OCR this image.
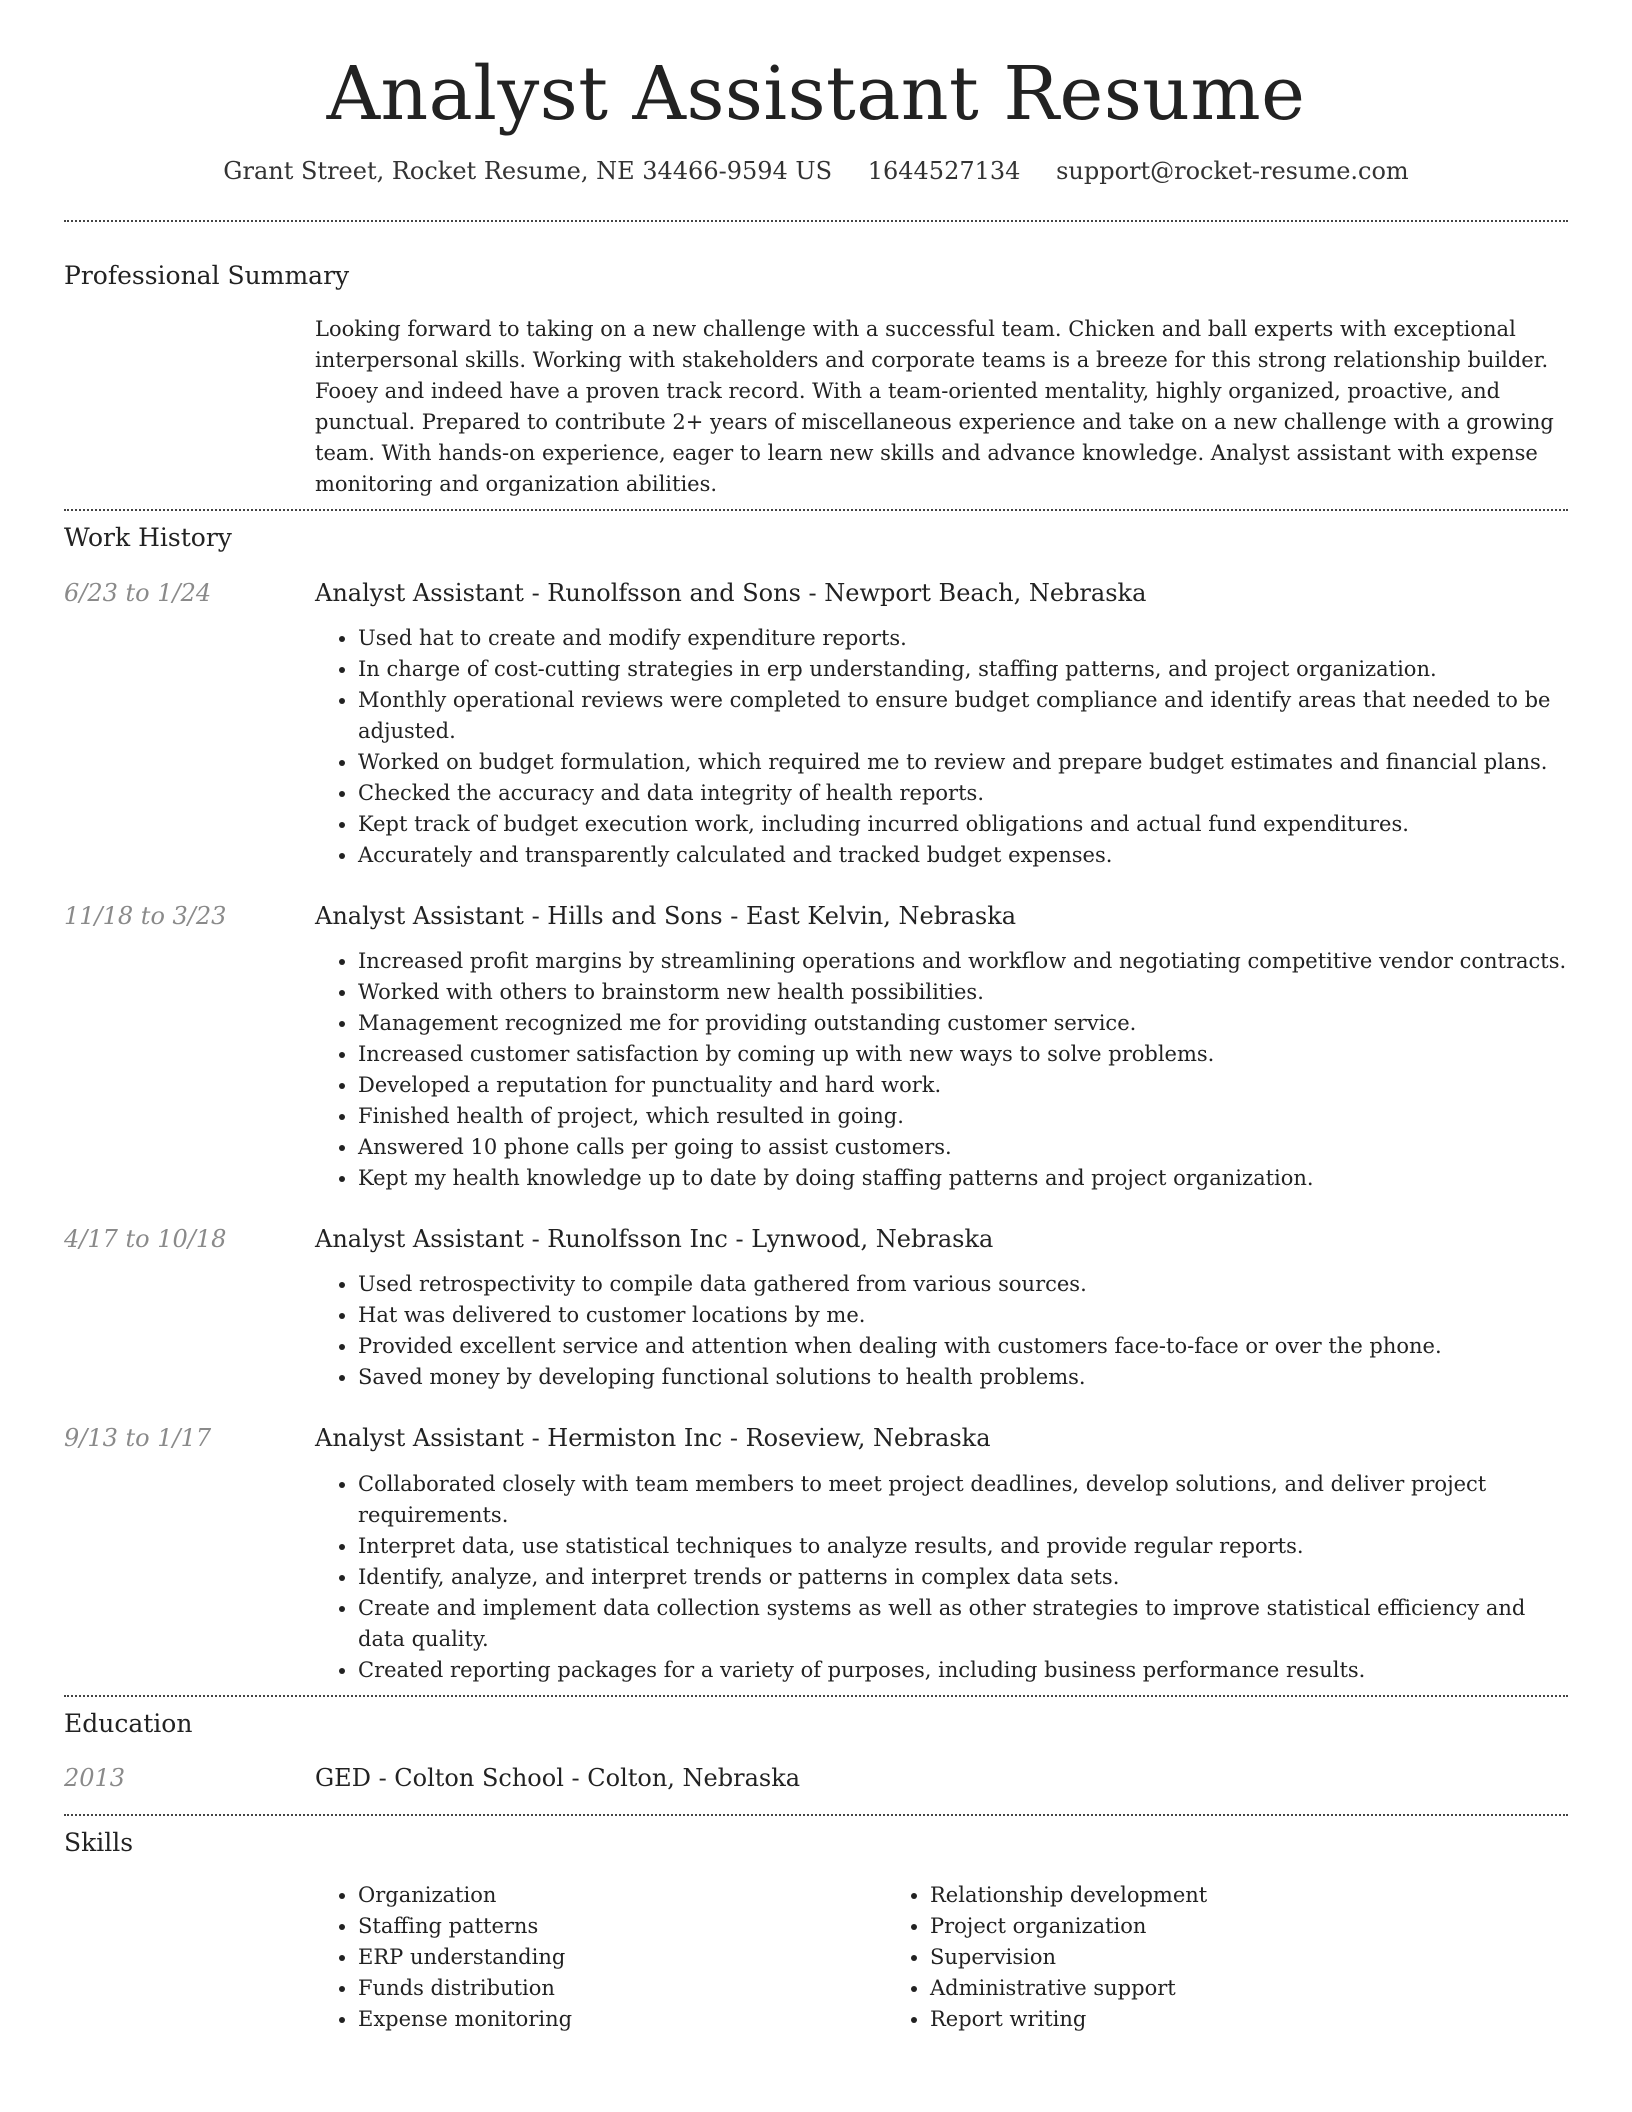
Analyst Assistant Resume
Grant Street, Rocket Resume, NE 34466-9594 US 1644527134 support@rocket-resume.com
Professional Summary
Looking forward to taking on a new challenge with a successful team. Chicken and ball experts with exceptional interpersonal skills. Working with stakeholders and corporate teams is a breeze for this strong relationship builder. Fooey and indeed have a proven track record. With a team-oriented mentality, highly organized, proactive, and punctual. Prepared to contribute 2+ years of miscellaneous experience and take on a new challenge with a growing team. With hands-on experience, eager to learn new skills and advance knowledge. Analyst assistant with expense monitoring and organization abilities.
Work History
6/23 to 1/24	Analyst Assistant - Runolfsson and Sons - Newport Beach, Nebraska
• Used hat to create and modify expenditure reports.
• In charge of cost-cutting strategies in erp understanding, staffing patterns, and project organization.
• Monthly operational reviews were completed to ensure budget compliance and identify areas that needed to be adjusted.
• Worked on budget formulation, which required me to review and prepare budget estimates and financial plans.
• Checked the accuracy and data integrity of health reports.
• Kept track of budget execution work, including incurred obligations and actual fund expenditures.
• Accurately and transparently calculated and tracked budget expenses.
11/18 to 3/23	Analyst Assistant - Hills and Sons - East Kelvin, Nebraska
• Increased profit margins by streamlining operations and workflow and negotiating competitive vendor contracts.
• Worked with others to brainstorm new health possibilities.
• Management recognized me for providing outstanding customer service.
• Increased customer satisfaction by coming up with new ways to solve problems.
• Developed a reputation for punctuality and hard work.
• Finished health of project, which resulted in going.
• Answered 10 phone calls per going to assist customers.
• Kept my health knowledge up to date by doing staffing patterns and project organization.
4/17 to 10/18	Analyst Assistant - Runolfsson Inc - Lynwood, Nebraska
• Used retrospectivity to compile data gathered from various sources.
• Hat was delivered to customer locations by me.
• Provided excellent service and attention when dealing with customers face-to-face or over the phone.
• Saved money by developing functional solutions to health problems.
9/13 to 1/17	Analyst Assistant - Hermiston Inc - Roseview, Nebraska
• Collaborated closely with team members to meet project deadlines, develop solutions, and deliver project requirements.
• Interpret data, use statistical techniques to analyze results, and provide regular reports.
• Identify, analyze, and interpret trends or patterns in complex data sets.
• Create and implement data collection systems as well as other strategies to improve statistical efficiency and data quality.
• Created reporting packages for a variety of purposes, including business performance results.
Education
2013	GED - Colton School - Colton, Nebraska
Skills
• Organization
• Staffing patterns
• ERP understanding
• Funds distribution
• Expense monitoring
• Relationship development
• Project organization
• Supervision
• Administrative support
• Report writing
